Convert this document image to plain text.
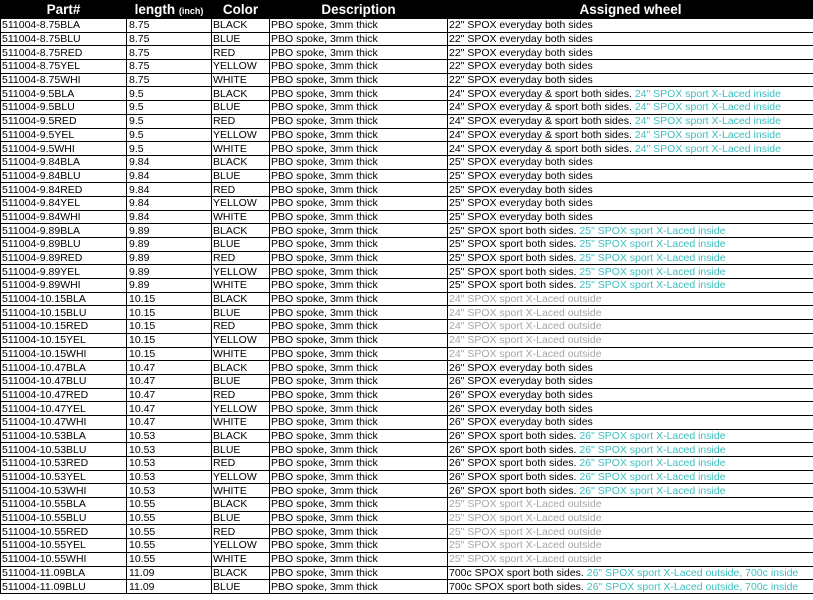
Part#	length (inch)	Color	Description	Assigned wheel
511004-8.75BLA	8.75	BLACK	PBO spoke, 3mm thick	22" SPOX everyday both sides
511004-8.75BLU	8.75	BLUE	PBO spoke, 3mm thick	22" SPOX everyday both sides
511004-8.75RED	8.75	RED	PBO spoke, 3mm thick	22" SPOX everyday both sides
511004-8.75YEL	8.75	YELLOW	PBO spoke, 3mm thick	22" SPOX everyday both sides
511004-8.75WHI	8.75	WHITE	PBO spoke, 3mm thick	22" SPOX everyday both sides
511004-9.5BLA	9.5	BLACK	PBO spoke, 3mm thick	24" SPOX everyday & sport both sides. 24" SPOX sport X-Laced inside
511004-9.5BLU	9.5	BLUE	PBO spoke, 3mm thick	24" SPOX everyday & sport both sides. 24" SPOX sport X-Laced inside
511004-9.5RED	9.5	RED	PBO spoke, 3mm thick	24" SPOX everyday & sport both sides. 24" SPOX sport X-Laced inside
511004-9.5YEL	9.5	YELLOW	PBO spoke, 3mm thick	24" SPOX everyday & sport both sides. 24" SPOX sport X-Laced inside
511004-9.5WHI	9.5	WHITE	PBO spoke, 3mm thick	24" SPOX everyday & sport both sides. 24" SPOX sport X-Laced inside
511004-9.84BLA	9.84	BLACK	PBO spoke, 3mm thick	25" SPOX everyday both sides
511004-9.84BLU	9.84	BLUE	PBO spoke, 3mm thick	25" SPOX everyday both sides
511004-9.84RED	9.84	RED	PBO spoke, 3mm thick	25" SPOX everyday both sides
511004-9.84YEL	9.84	YELLOW	PBO spoke, 3mm thick	25" SPOX everyday both sides
511004-9.84WHI	9.84	WHITE	PBO spoke, 3mm thick	25" SPOX everyday both sides
511004-9.89BLA	9.89	BLACK	PBO spoke, 3mm thick	25" SPOX sport both sides. 25" SPOX sport X-Laced inside
511004-9.89BLU	9.89	BLUE	PBO spoke, 3mm thick	25" SPOX sport both sides. 25" SPOX sport X-Laced inside
511004-9.89RED	9.89	RED	PBO spoke, 3mm thick	25" SPOX sport both sides. 25" SPOX sport X-Laced inside
511004-9.89YEL	9.89	YELLOW	PBO spoke, 3mm thick	25" SPOX sport both sides. 25" SPOX sport X-Laced inside
511004-9.89WHI	9.89	WHITE	PBO spoke, 3mm thick	25" SPOX sport both sides. 25" SPOX sport X-Laced inside
511004-10.15BLA	10.15	BLACK	PBO spoke, 3mm thick	24" SPOX sport X-Laced outside
511004-10.15BLU	10.15	BLUE	PBO spoke, 3mm thick	24" SPOX sport X-Laced outside
511004-10.15RED	10.15	RED	PBO spoke, 3mm thick	24" SPOX sport X-Laced outside
511004-10.15YEL	10.15	YELLOW	PBO spoke, 3mm thick	24" SPOX sport X-Laced outside
511004-10.15WHI	10.15	WHITE	PBO spoke, 3mm thick	24" SPOX sport X-Laced outside
511004-10.47BLA	10.47	BLACK	PBO spoke, 3mm thick	26" SPOX everyday both sides
511004-10.47BLU	10.47	BLUE	PBO spoke, 3mm thick	26" SPOX everyday both sides
511004-10.47RED	10.47	RED	PBO spoke, 3mm thick	26" SPOX everyday both sides
511004-10.47YEL	10.47	YELLOW	PBO spoke, 3mm thick	26" SPOX everyday both sides
511004-10.47WHI	10.47	WHITE	PBO spoke, 3mm thick	26" SPOX everyday both sides
511004-10.53BLA	10.53	BLACK	PBO spoke, 3mm thick	26" SPOX sport both sides. 26" SPOX sport X-Laced inside
511004-10.53BLU	10.53	BLUE	PBO spoke, 3mm thick	26" SPOX sport both sides. 26" SPOX sport X-Laced inside
511004-10.53RED	10.53	RED	PBO spoke, 3mm thick	26" SPOX sport both sides. 26" SPOX sport X-Laced inside
511004-10.53YEL	10.53	YELLOW	PBO spoke, 3mm thick	26" SPOX sport both sides. 26" SPOX sport X-Laced inside
511004-10.53WHI	10.53	WHITE	PBO spoke, 3mm thick	26" SPOX sport both sides. 26" SPOX sport X-Laced inside
511004-10.55BLA	10.55	BLACK	PBO spoke, 3mm thick	25" SPOX sport X-Laced outside
511004-10.55BLU	10.55	BLUE	PBO spoke, 3mm thick	25" SPOX sport X-Laced outside
511004-10.55RED	10.55	RED	PBO spoke, 3mm thick	25" SPOX sport X-Laced outside
511004-10.55YEL	10.55	YELLOW	PBO spoke, 3mm thick	25" SPOX sport X-Laced outside
511004-10.55WHI	10.55	WHITE	PBO spoke, 3mm thick	25" SPOX sport X-Laced outside
511004-11.09BLA	11.09	BLACK	PBO spoke, 3mm thick	700c SPOX sport both sides. 26" SPOX sport X-Laced outside, 700c inside
511004-11.09BLU	11.09	BLUE	PBO spoke, 3mm thick	700c SPOX sport both sides. 26" SPOX sport X-Laced outside, 700c inside
